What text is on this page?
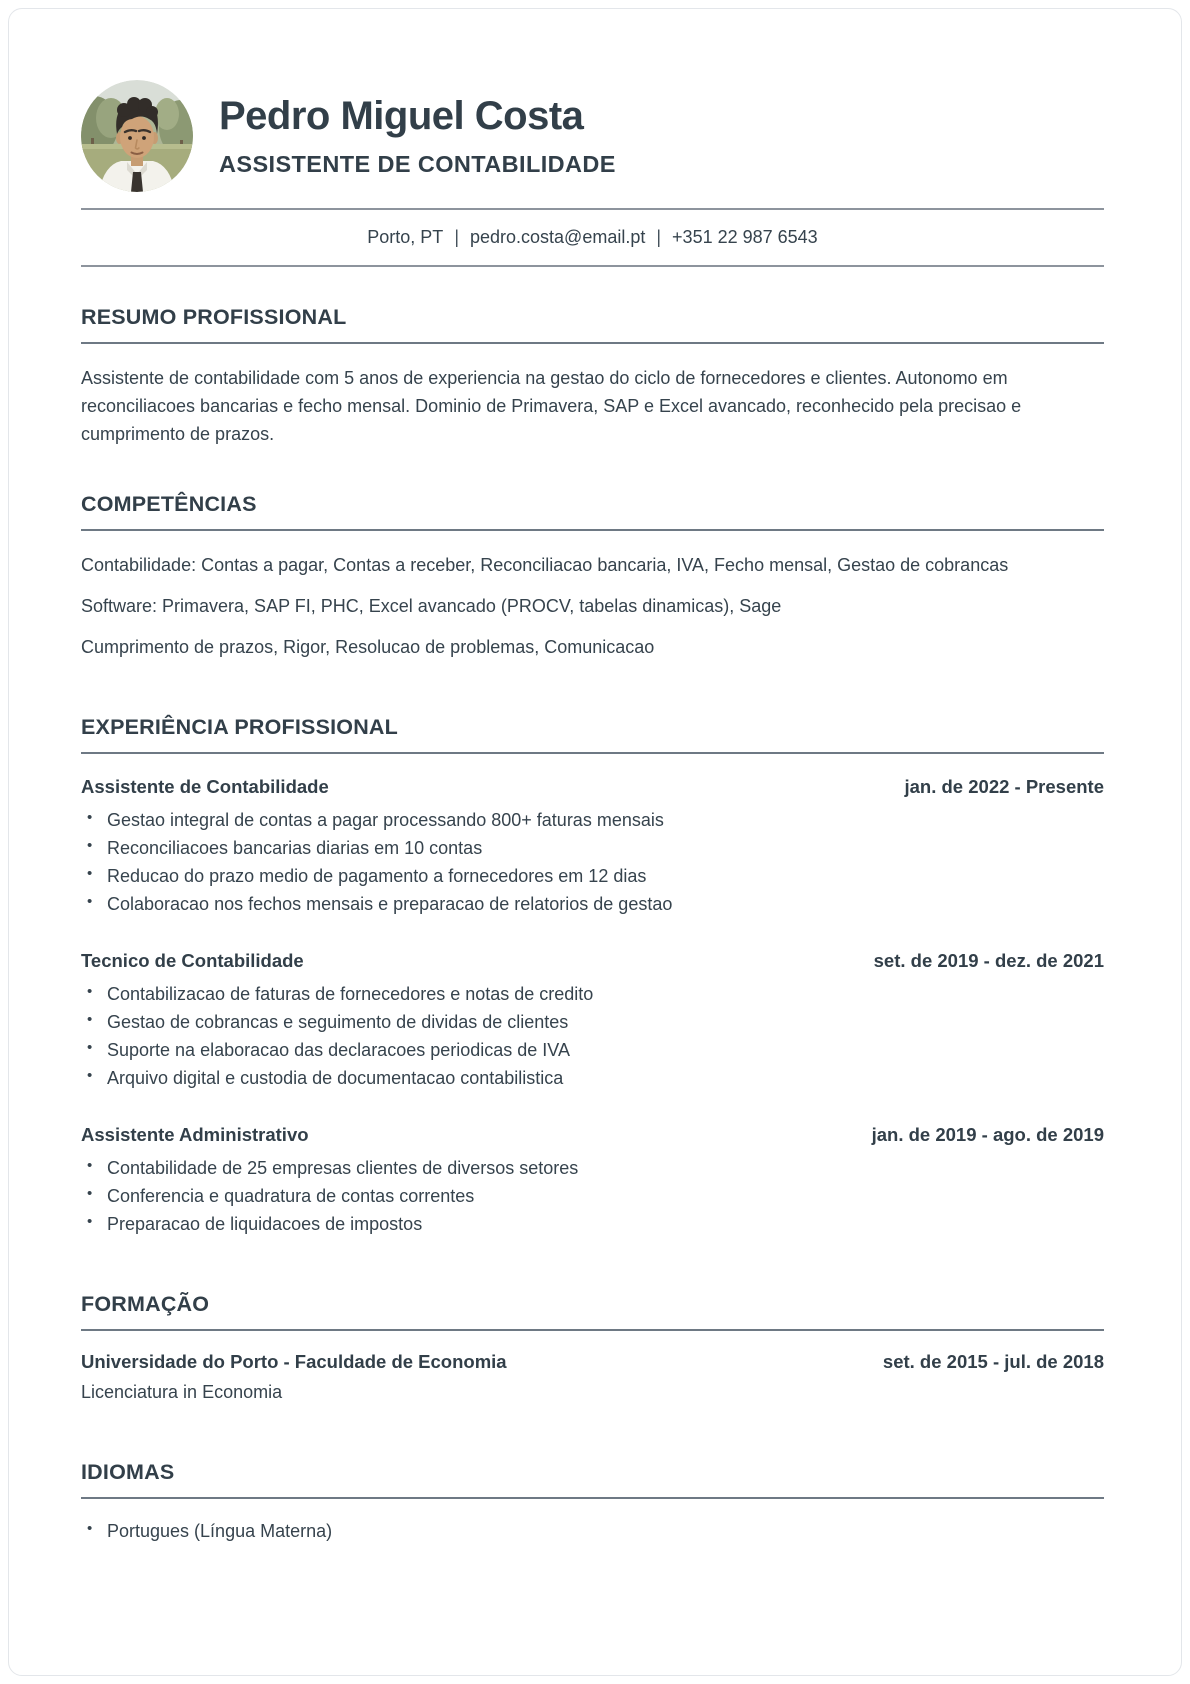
Pedro Miguel Costa
ASSISTENTE DE CONTABILIDADE
Porto, PT | pedro.costa@email.pt | +351 22 987 6543
RESUMO PROFISSIONAL
Assistente de contabilidade com 5 anos de experiencia na gestao do ciclo de fornecedores e clientes. Autonomo em reconciliacoes bancarias e fecho mensal. Dominio de Primavera, SAP e Excel avancado, reconhecido pela precisao e cumprimento de prazos.
COMPETÊNCIAS
Contabilidade: Contas a pagar, Contas a receber, Reconciliacao bancaria, IVA, Fecho mensal, Gestao de cobrancas
Software: Primavera, SAP FI, PHC, Excel avancado (PROCV, tabelas dinamicas), Sage
Cumprimento de prazos, Rigor, Resolucao de problemas, Comunicacao
EXPERIÊNCIA PROFISSIONAL
Assistente de Contabilidade	jan. de 2022 - Presente
• Gestao integral de contas a pagar processando 800+ faturas mensais
• Reconciliacoes bancarias diarias em 10 contas
• Reducao do prazo medio de pagamento a fornecedores em 12 dias
• Colaboracao nos fechos mensais e preparacao de relatorios de gestao
Tecnico de Contabilidade	set. de 2019 - dez. de 2021
• Contabilizacao de faturas de fornecedores e notas de credito
• Gestao de cobrancas e seguimento de dividas de clientes
• Suporte na elaboracao das declaracoes periodicas de IVA
• Arquivo digital e custodia de documentacao contabilistica
Assistente Administrativo	jan. de 2019 - ago. de 2019
• Contabilidade de 25 empresas clientes de diversos setores
• Conferencia e quadratura de contas correntes
• Preparacao de liquidacoes de impostos
FORMAÇÃO
Universidade do Porto - Faculdade de Economia	set. de 2015 - jul. de 2018
Licenciatura in Economia
IDIOMAS
• Portugues (Língua Materna)
